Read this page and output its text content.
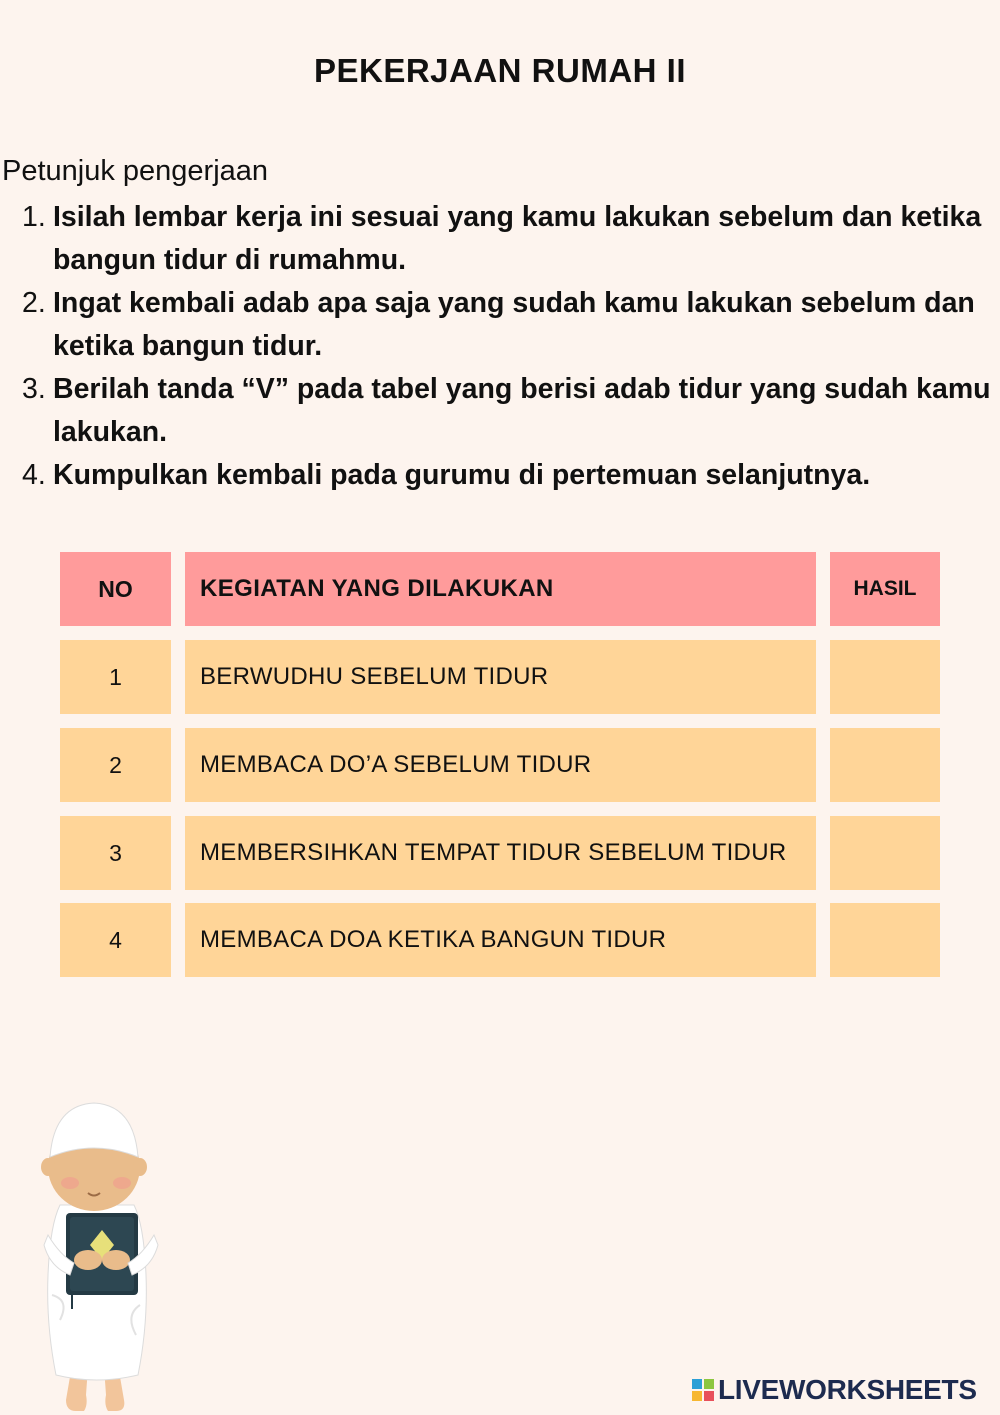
PEKERJAAN RUMAH II
Petunjuk pengerjaan
1. Isilah lembar kerja ini sesuai yang kamu lakukan sebelum dan ketika bangun tidur di rumahmu.
2. Ingat kembali adab apa saja yang sudah kamu lakukan sebelum dan ketika bangun tidur.
3. Berilah tanda “V” pada tabel yang berisi adab tidur yang sudah kamu lakukan.
4. Kumpulkan kembali pada gurumu di pertemuan selanjutnya.
NO	KEGIATAN YANG DILAKUKAN	HASIL
1	BERWUDHU SEBELUM TIDUR
2	MEMBACA DO’A SEBELUM TIDUR
3	MEMBERSIHKAN TEMPAT TIDUR SEBELUM TIDUR
4	MEMBACA DOA KETIKA BANGUN TIDUR
LIVEWORKSHEETS
